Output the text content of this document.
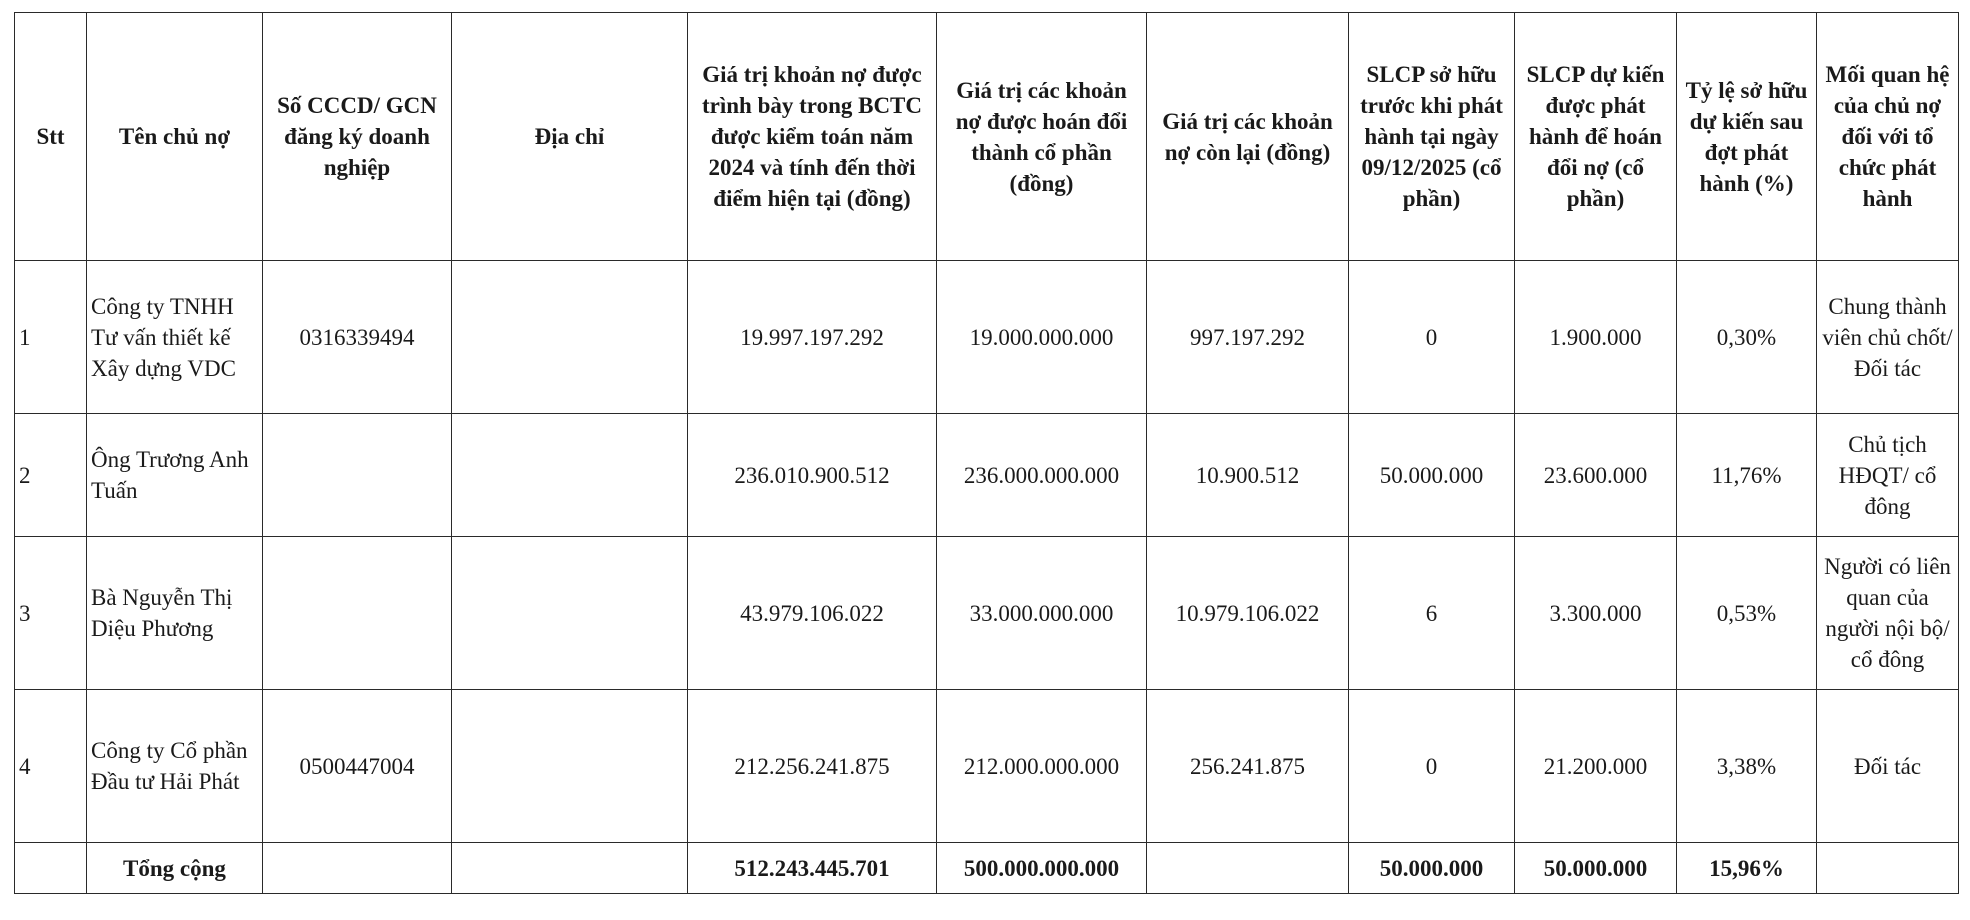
Stt	Tên chủ nợ	Số CCCD/ GCN đăng ký doanh nghiệp	Địa chỉ	Giá trị khoản nợ được trình bày trong BCTC được kiểm toán năm 2024 và tính đến thời điểm hiện tại (đồng)	Giá trị các khoản nợ được hoán đổi thành cổ phần (đồng)	Giá trị các khoản nợ còn lại (đồng)	SLCP sở hữu trước khi phát hành tại ngày 09/12/2025 (cổ phần)	SLCP dự kiến được phát hành để hoán đổi nợ (cổ phần)	Tỷ lệ sở hữu dự kiến sau đợt phát hành (%)	Mối quan hệ của chủ nợ đối với tổ chức phát hành
1	Công ty TNHH Tư vấn thiết kế Xây dựng VDC	0316339494		19.997.197.292	19.000.000.000	997.197.292	0	1.900.000	0,30%	Chung thành viên chủ chốt/Đối tác
2	Ông Trương Anh Tuấn			236.010.900.512	236.000.000.000	10.900.512	50.000.000	23.600.000	11,76%	Chủ tịch HĐQT/ cổ đông
3	Bà Nguyễn Thị Diệu Phương			43.979.106.022	33.000.000.000	10.979.106.022	6	3.300.000	0,53%	Người có liên quan của người nội bộ/ cổ đông
4	Công ty Cổ phần Đầu tư Hải Phát	0500447004		212.256.241.875	212.000.000.000	256.241.875	0	21.200.000	3,38%	Đối tác
	Tổng cộng			512.243.445.701	500.000.000.000		50.000.000	50.000.000	15,96%	
